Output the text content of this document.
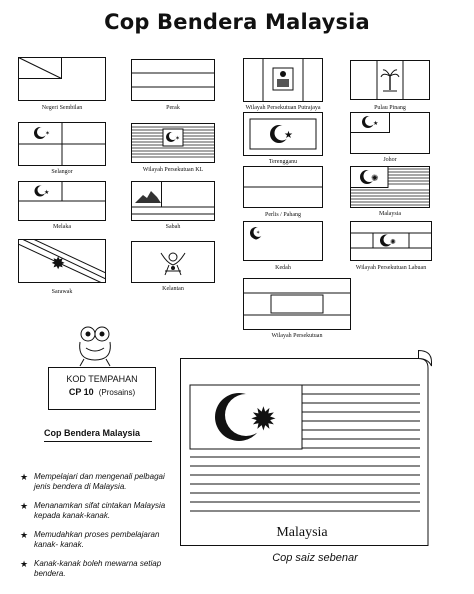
Cop Bendera Malaysia
Negeri Sembilan	Perak	Wilayah Persekutuan Putrajaya	Pulau Pinang
✶
Selangor
✶
Wilayah Persekutuan KL
★
Terengganu
★
Johor
★
Melaka	Sabah
Perlis / Pahang
✺
Malaysia
✸
Sarawak	Kelantan
✶
Kedah
✺
Wilayah Persekutuan Labuan
Wilayah Persekutuan
KOD TEMPAHAN
CP 10 (Prosains)
Cop Bendera Malaysia
★ Mempelajari dan mengenali pelbagai jenis bendera di Malaysia.
★ Menanamkan sifat cintakan Malaysia kepada kanak-kanak.
★ Memudahkan proses pembelajaran kanak- kanak.
★ Kanak-kanak boleh mewarna setiap bendera.
✹
Malaysia
Cop saiz sebenar
